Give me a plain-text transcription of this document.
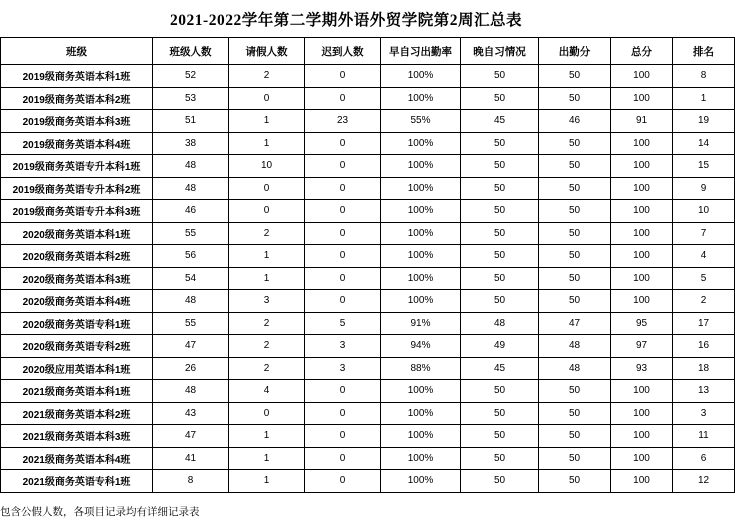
2021-2022学年第二学期外语外贸学院第2周汇总表
班级	班级人数	请假人数	迟到人数	早自习出勤率	晚自习情况	出勤分	总分	排名
2019级商务英语本科1班	52	2	0	100%	50	50	100	8
2019级商务英语本科2班	53	0	0	100%	50	50	100	1
2019级商务英语本科3班	51	1	23	55%	45	46	91	19
2019级商务英语本科4班	38	1	0	100%	50	50	100	14
2019级商务英语专升本科1班	48	10	0	100%	50	50	100	15
2019级商务英语专升本科2班	48	0	0	100%	50	50	100	9
2019级商务英语专升本科3班	46	0	0	100%	50	50	100	10
2020级商务英语本科1班	55	2	0	100%	50	50	100	7
2020级商务英语本科2班	56	1	0	100%	50	50	100	4
2020级商务英语本科3班	54	1	0	100%	50	50	100	5
2020级商务英语本科4班	48	3	0	100%	50	50	100	2
2020级商务英语专科1班	55	2	5	91%	48	47	95	17
2020级商务英语专科2班	47	2	3	94%	49	48	97	16
2020级应用英语本科1班	26	2	3	88%	45	48	93	18
2021级商务英语本科1班	48	4	0	100%	50	50	100	13
2021级商务英语本科2班	43	0	0	100%	50	50	100	3
2021级商务英语本科3班	47	1	0	100%	50	50	100	11
2021级商务英语本科4班	41	1	0	100%	50	50	100	6
2021级商务英语专科1班	8	1	0	100%	50	50	100	12
包含公假人数，各项目记录均有详细记录表
